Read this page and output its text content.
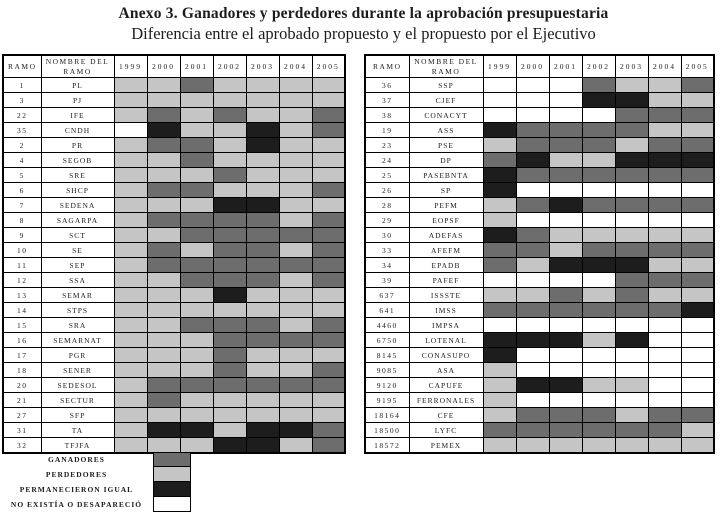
Anexo 3. Ganadores y perdedores durante la aprobación presupuestaria
Diferencia entre el aprobado propuesto y el propuesto por el Ejecutivo
RAMO	NOMBRE DEL RAMO	1999	2000	2001	2002	2003	2004	2005
1	PL							
3	PJ							
22	IFE							
35	CNDH							
2	PR							
4	SEGOB							
5	SRE							
6	SHCP							
7	SEDENA							
8	SAGARPA							
9	SCT							
10	SE							
11	SEP							
12	SSA							
13	SEMAR							
14	STPS							
15	SRA							
16	SEMARNAT							
17	PGR							
18	SENER							
20	SEDESOL							
21	SECTUR							
27	SFP							
31	TA							
32	TFJFA							
RAMO	NOMBRE DEL RAMO	1999	2000	2001	2002	2003	2004	2005
36	SSP							
37	CJEF							
38	CONACYT							
19	ASS							
23	PSE							
24	DP							
25	PASEBNTA							
26	SP							
28	PEFM							
29	EOPSF							
30	ADEFAS							
33	AFEFM							
34	EPADB							
39	PAFEF							
637	ISSSTE							
641	IMSS							
4460	IMPSA							
6750	LOTENAL							
8145	CONASUPO							
9085	ASA							
9120	CAPUFE							
9195	FERRONALES							
18164	CFE							
18500	LYFC							
18572	PEMEX							
GANADORES
PERDEDORES
PERMANECIERON IGUAL
NO EXISTÍA O DESAPARECIÓ
